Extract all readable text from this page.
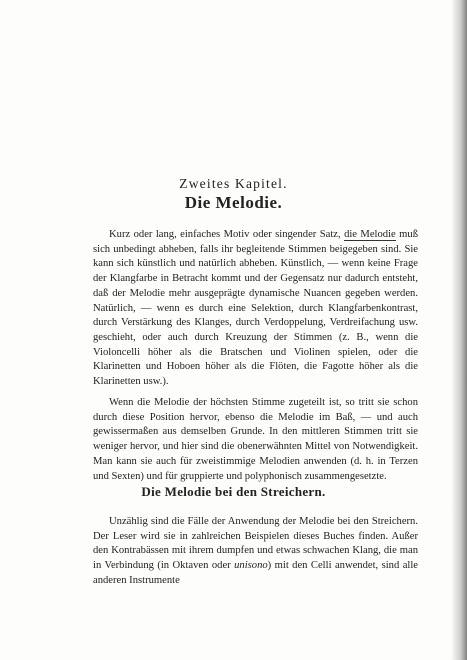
Zweites Kapitel.
Die Melodie.

Kurz oder lang, einfaches Motiv oder singender Satz, die Melodie muß sich unbedingt abheben, falls ihr begleitende Stimmen beigegeben sind. Sie kann sich künstlich und natürlich abheben. Künstlich, — wenn keine Frage der Klangfarbe in Betracht kommt und der Gegensatz nur dadurch entsteht, daß der Melodie mehr ausgeprägte dynamische Nuancen gegeben werden. Natürlich, — wenn es durch eine Selektion, durch Klangfarbenkontrast, durch Verstärkung des Klanges, durch Verdoppelung, Verdreifachung usw. geschieht, oder auch durch Kreuzung der Stimmen (z. B., wenn die Violoncelli höher als die Bratschen und Violinen spielen, oder die Klarinetten und Hoboen höher als die Flöten, die Fagotte höher als die Klarinetten usw.).

Wenn die Melodie der höchsten Stimme zugeteilt ist, so tritt sie schon durch diese Position hervor, ebenso die Melodie im Baß, — und auch gewissermaßen aus demselben Grunde. In den mittleren Stimmen tritt sie weniger hervor, und hier sind die obenerwähnten Mittel von Notwendigkeit. Man kann sie auch für zweistimmige Melodien anwenden (d. h. in Terzen und Sexten) und für gruppierte und polyphonisch zusammengesetzte.

Die Melodie bei den Streichern.

Unzählig sind die Fälle der Anwendung der Melodie bei den Streichern. Der Leser wird sie in zahlreichen Beispielen dieses Buches finden. Außer den Kontrabässen mit ihrem dumpfen und etwas schwachen Klang, die man in Verbindung (in Oktaven oder unisono) mit den Celli anwendet, sind alle anderen Instrumente
